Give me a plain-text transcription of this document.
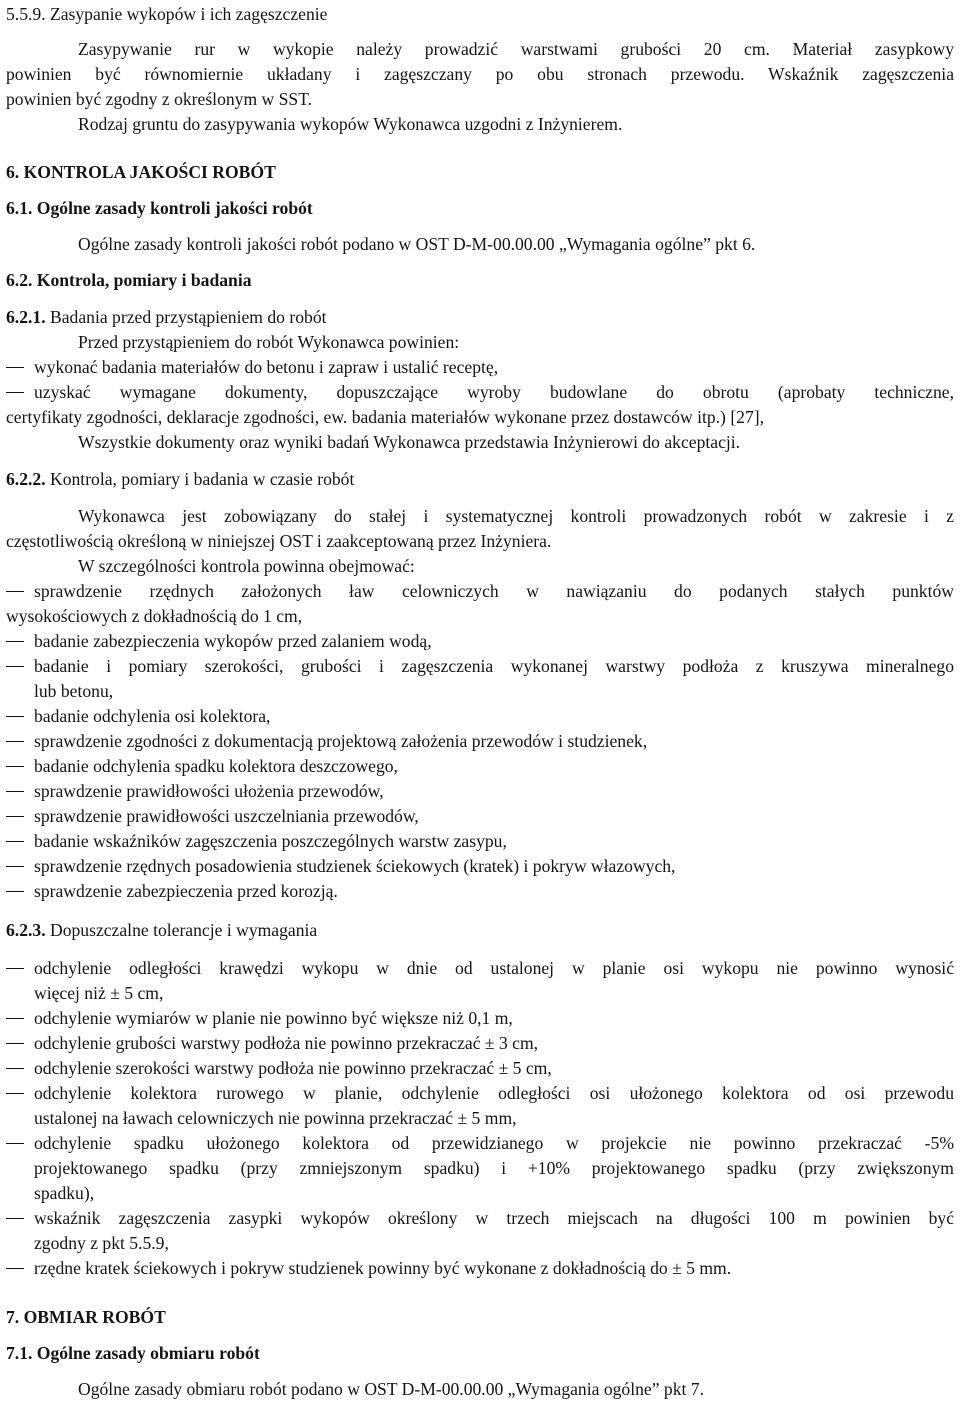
5.5.9. Zasypanie wykopów i ich zagęszczenie
Zasypywanie rur w wykopie należy prowadzić warstwami grubości 20 cm. Materiał zasypkowy
powinien być równomiernie układany i zagęszczany po obu stronach przewodu. Wskaźnik zagęszczenia
powinien być zgodny z określonym w SST.
Rodzaj gruntu do zasypywania wykopów Wykonawca uzgodni z Inżynierem.
6. KONTROLA JAKOŚCI ROBÓT
6.1. Ogólne zasady kontroli jakości robót
Ogólne zasady kontroli jakości robót podano w OST D-M-00.00.00 „Wymagania ogólne” pkt 6.
6.2. Kontrola, pomiary i badania
6.2.1. Badania przed przystąpieniem do robót
Przed przystąpieniem do robót Wykonawca powinien:
wykonać badania materiałów do betonu i zapraw i ustalić receptę,
uzyskać wymagane dokumenty, dopuszczające wyroby budowlane do obrotu (aprobaty techniczne,
certyfikaty zgodności, deklaracje zgodności, ew. badania materiałów wykonane przez dostawców itp.) [27],
Wszystkie dokumenty oraz wyniki badań Wykonawca przedstawia Inżynierowi do akceptacji.
6.2.2. Kontrola, pomiary i badania w czasie robót
Wykonawca jest zobowiązany do stałej i systematycznej kontroli prowadzonych robót w zakresie i z
częstotliwością określoną w niniejszej OST i zaakceptowaną przez Inżyniera.
W szczególności kontrola powinna obejmować:
sprawdzenie rzędnych założonych ław celowniczych w nawiązaniu do podanych stałych punktów
wysokościowych z dokładnością do 1 cm,
badanie zabezpieczenia wykopów przed zalaniem wodą,
badanie i pomiary szerokości, grubości i zagęszczenia wykonanej warstwy podłoża z kruszywa mineralnego
lub betonu,
badanie odchylenia osi kolektora,
sprawdzenie zgodności z dokumentacją projektową założenia przewodów i studzienek,
badanie odchylenia spadku kolektora deszczowego,
sprawdzenie prawidłowości ułożenia przewodów,
sprawdzenie prawidłowości uszczelniania przewodów,
badanie wskaźników zagęszczenia poszczególnych warstw zasypu,
sprawdzenie rzędnych posadowienia studzienek ściekowych (kratek) i pokryw włazowych,
sprawdzenie zabezpieczenia przed korozją.
6.2.3. Dopuszczalne tolerancje i wymagania
odchylenie odległości krawędzi wykopu w dnie od ustalonej w planie osi wykopu nie powinno wynosić
więcej niż ± 5 cm,
odchylenie wymiarów w planie nie powinno być większe niż 0,1 m,
odchylenie grubości warstwy podłoża nie powinno przekraczać ± 3 cm,
odchylenie szerokości warstwy podłoża nie powinno przekraczać ± 5 cm,
odchylenie kolektora rurowego w planie, odchylenie odległości osi ułożonego kolektora od osi przewodu
ustalonej na ławach celowniczych nie powinna przekraczać ± 5 mm,
odchylenie spadku ułożonego kolektora od przewidzianego w projekcie nie powinno przekraczać -5%
projektowanego spadku (przy zmniejszonym spadku) i +10% projektowanego spadku (przy zwiększonym
spadku),
wskaźnik zagęszczenia zasypki wykopów określony w trzech miejscach na długości 100 m powinien być
zgodny z pkt 5.5.9,
rzędne kratek ściekowych i pokryw studzienek powinny być wykonane z dokładnością do ± 5 mm.
7. OBMIAR ROBÓT
7.1. Ogólne zasady obmiaru robót
Ogólne zasady obmiaru robót podano w OST D-M-00.00.00 „Wymagania ogólne” pkt 7.
